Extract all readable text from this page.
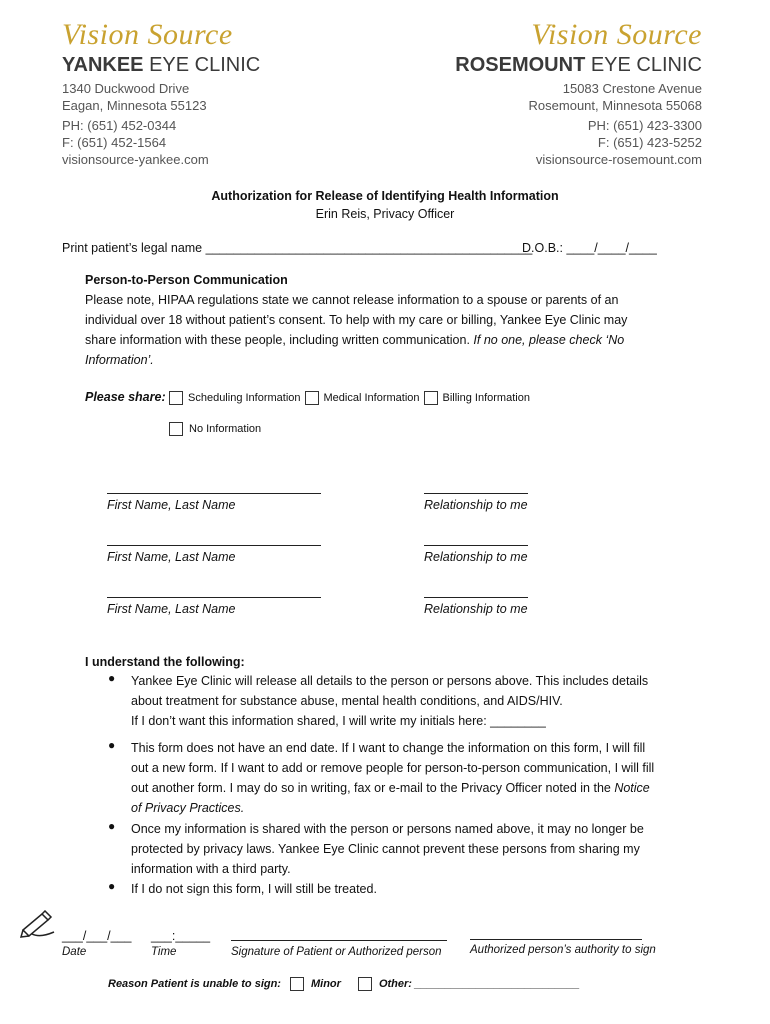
Vision Source
YANKEE EYE CLINIC
1340 Duckwood Drive
Eagan, Minnesota 55123
PH: (651) 452-0344
F: (651) 452-1564
visionsource-yankee.com
Vision Source
ROSEMOUNT EYE CLINIC
15083 Crestone Avenue
Rosemount, Minnesota 55068
PH: (651) 423-3300
F: (651) 423-5252
visionsource-rosemount.com
Authorization for Release of Identifying Health Information
Erin Reis, Privacy Officer
Print patient’s legal name _______________________________________________
D.O.B.: ____/____/____
Person-to-Person Communication
Please note, HIPAA regulations state we cannot release information to a spouse or parents of an
individual over 18 without patient’s consent. To help with my care or billing, Yankee Eye Clinic may
share information with these people, including written communication. If no one, please check ‘No
Information’.
Please share: Scheduling Information Medical Information Billing Information
No Information
First Name, Last Name	Relationship to me
First Name, Last Name	Relationship to me
First Name, Last Name	Relationship to me
I understand the following:
● Yankee Eye Clinic will release all details to the person or persons above. This includes details
about treatment for substance abuse, mental health conditions, and AIDS/HIV.
If I don’t want this information shared, I will write my initials here: ________
● This form does not have an end date. If I want to change the information on this form, I will fill
out a new form. If I want to add or remove people for person-to-person communication, I will fill
out another form. I may do so in writing, fax or e-mail to the Privacy Officer noted in the Notice
of Privacy Practices.
● Once my information is shared with the person or persons named above, it may no longer be
protected by privacy laws. Yankee Eye Clinic cannot prevent these persons from sharing my
information with a third party.
● If I do not sign this form, I will still be treated.
___/___/___ ___:_____
Date	Time	Signature of Patient or Authorized person Authorized person’s authority to sign
Reason Patient is unable to sign:	Minor	Other: ___________________________
